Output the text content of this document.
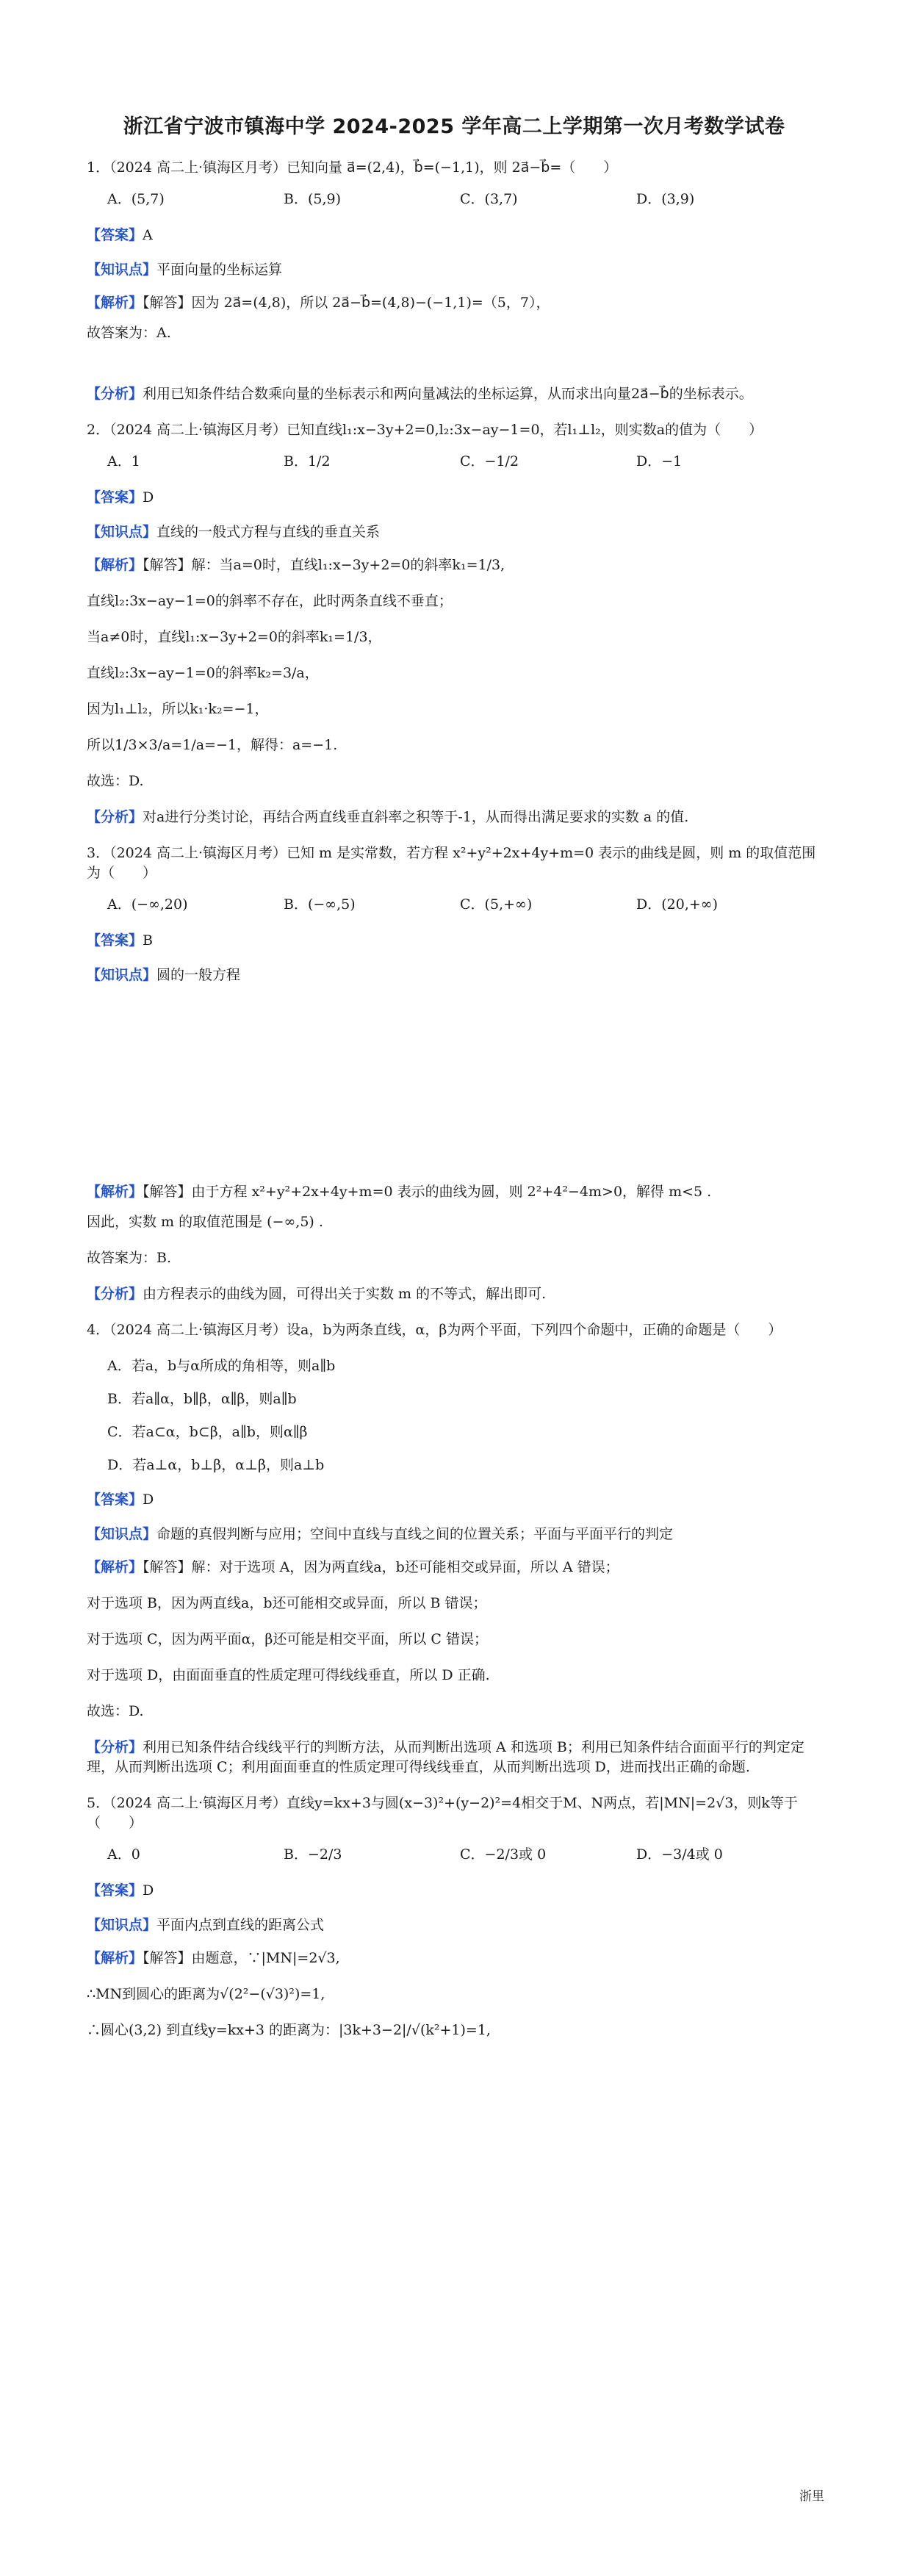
浙江省宁波市镇海中学 2024-2025 学年高二上学期第一次月考数学试卷
1．（2024 高二上·镇海区月考）已知向量 a⃗=(2,4)，b⃗=(−1,1)，则 2a⃗−b⃗=（　　）
A．(5,7)	B．(5,9)	C．(3,7)	D．(3,9)
【答案】A
【知识点】平面向量的坐标运算
【解析】【解答】因为 2a⃗=(4,8)，所以 2a⃗−b⃗=(4,8)−(−1,1)=（5，7），
故答案为：A.
【分析】利用已知条件结合数乘向量的坐标表示和两向量减法的坐标运算，从而求出向量2a⃗−b⃗的坐标表示。
2．（2024 高二上·镇海区月考）已知直线l₁:x−3y+2=0,l₂:3x−ay−1=0，若l₁⊥l₂，则实数a的值为（　　）
A．1	B．1/2	C．−1/2	D．−1
【答案】D
【知识点】直线的一般式方程与直线的垂直关系
【解析】【解答】解：当a=0时，直线l₁:x−3y+2=0的斜率k₁=1/3,
直线l₂:3x−ay−1=0的斜率不存在，此时两条直线不垂直；
当a≠0时，直线l₁:x−3y+2=0的斜率k₁=1/3，
直线l₂:3x−ay−1=0的斜率k₂=3/a，
因为l₁⊥l₂，所以k₁·k₂=−1，
所以1/3×3/a=1/a=−1，解得：a=−1.
故选：D.
【分析】对a进行分类讨论，再结合两直线垂直斜率之积等于-1，从而得出满足要求的实数 a 的值.
3．（2024 高二上·镇海区月考）已知 m 是实常数，若方程 x²+y²+2x+4y+m=0 表示的曲线是圆，则 m 的取值范围为（　　）
A．(−∞,20)	B．(−∞,5)	C．(5,+∞)	D．(20,+∞)
【答案】B
【知识点】圆的一般方程
【解析】【解答】由于方程 x²+y²+2x+4y+m=0 表示的曲线为圆，则 2²+4²−4m>0，解得 m<5 .
因此，实数 m 的取值范围是 (−∞,5) .
故答案为：B.
【分析】由方程表示的曲线为圆，可得出关于实数 m 的不等式，解出即可.
4．（2024 高二上·镇海区月考）设a，b为两条直线，α，β为两个平面，下列四个命题中，正确的命题是（　　）
A．若a，b与α所成的角相等，则a∥b
B．若a∥α，b∥β，α∥β，则a∥b
C．若a⊂α，b⊂β，a∥b，则α∥β
D．若a⊥α，b⊥β，α⊥β，则a⊥b
【答案】D
【知识点】命题的真假判断与应用；空间中直线与直线之间的位置关系；平面与平面平行的判定
【解析】【解答】解：对于选项 A，因为两直线a，b还可能相交或异面，所以 A 错误；
对于选项 B，因为两直线a，b还可能相交或异面，所以 B 错误；
对于选项 C，因为两平面α，β还可能是相交平面，所以 C 错误；
对于选项 D，由面面垂直的性质定理可得线线垂直，所以 D 正确.
故选：D.
【分析】利用已知条件结合线线平行的判断方法，从而判断出选项 A 和选项 B；利用已知条件结合面面平行的判定定理，从而判断出选项 C；利用面面垂直的性质定理可得线线垂直，从而判断出选项 D，进而找出正确的命题.
5．（2024 高二上·镇海区月考）直线y=kx+3与圆(x−3)²+(y−2)²=4相交于M、N两点，若|MN|=2√3，则k等于（　　）
A．0	B．−2/3	C．−2/3或 0	D．−3/4或 0
【答案】D
【知识点】平面内点到直线的距离公式
【解析】【解答】由题意，∵|MN|=2√3,
∴MN到圆心的距离为√(2²−(√3)²)=1,
∴圆心(3,2) 到直线y=kx+3 的距离为：|3k+3−2|/√(k²+1)=1,
浙里
